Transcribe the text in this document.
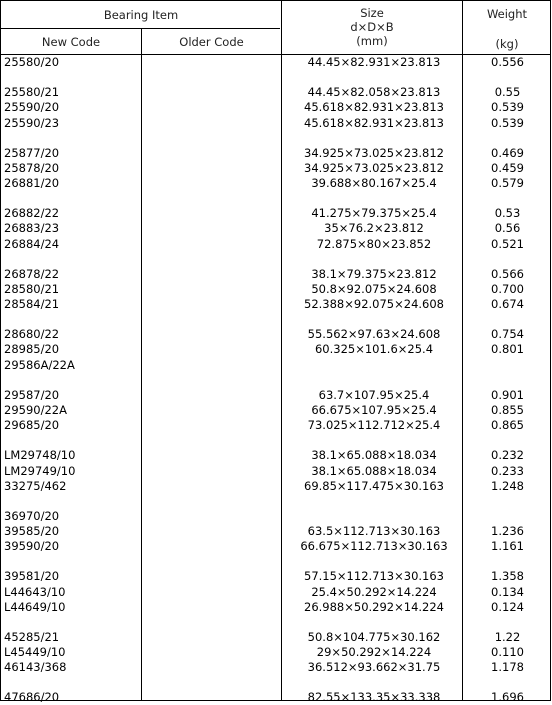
Bearing Item
New Code	Older Code
Size
d×D×B
(mm)
Weight
(kg)
25580/20	44.45×82.931×23.813	0.556
25580/21	44.45×82.058×23.813	0.55
25590/20	45.618×82.931×23.813	0.539
25590/23	45.618×82.931×23.813	0.539
25877/20	34.925×73.025×23.812	0.469
25878/20	34.925×73.025×23.812	0.459
26881/20	39.688×80.167×25.4	0.579
26882/22	41.275×79.375×25.4	0.53
26883/23	35×76.2×23.812	0.56
26884/24	72.875×80×23.852	0.521
26878/22	38.1×79.375×23.812	0.566
28580/21	50.8×92.075×24.608	0.700
28584/21	52.388×92.075×24.608	0.674
28680/22	55.562×97.63×24.608	0.754
28985/20	60.325×101.6×25.4	0.801
29586A/22A
29587/20	63.7×107.95×25.4	0.901
29590/22A	66.675×107.95×25.4	0.855
29685/20	73.025×112.712×25.4	0.865
LM29748/10	38.1×65.088×18.034	0.232
LM29749/10	38.1×65.088×18.034	0.233
33275/462	69.85×117.475×30.163	1.248
36970/20
39585/20	63.5×112.713×30.163	1.236
39590/20	66.675×112.713×30.163	1.161
39581/20	57.15×112.713×30.163	1.358
L44643/10	25.4×50.292×14.224	0.134
L44649/10	26.988×50.292×14.224	0.124
45285/21	50.8×104.775×30.162	1.22
L45449/10	29×50.292×14.224	0.110
46143/368	36.512×93.662×31.75	1.178
47686/20	82.55×133.35×33.338	1.696
